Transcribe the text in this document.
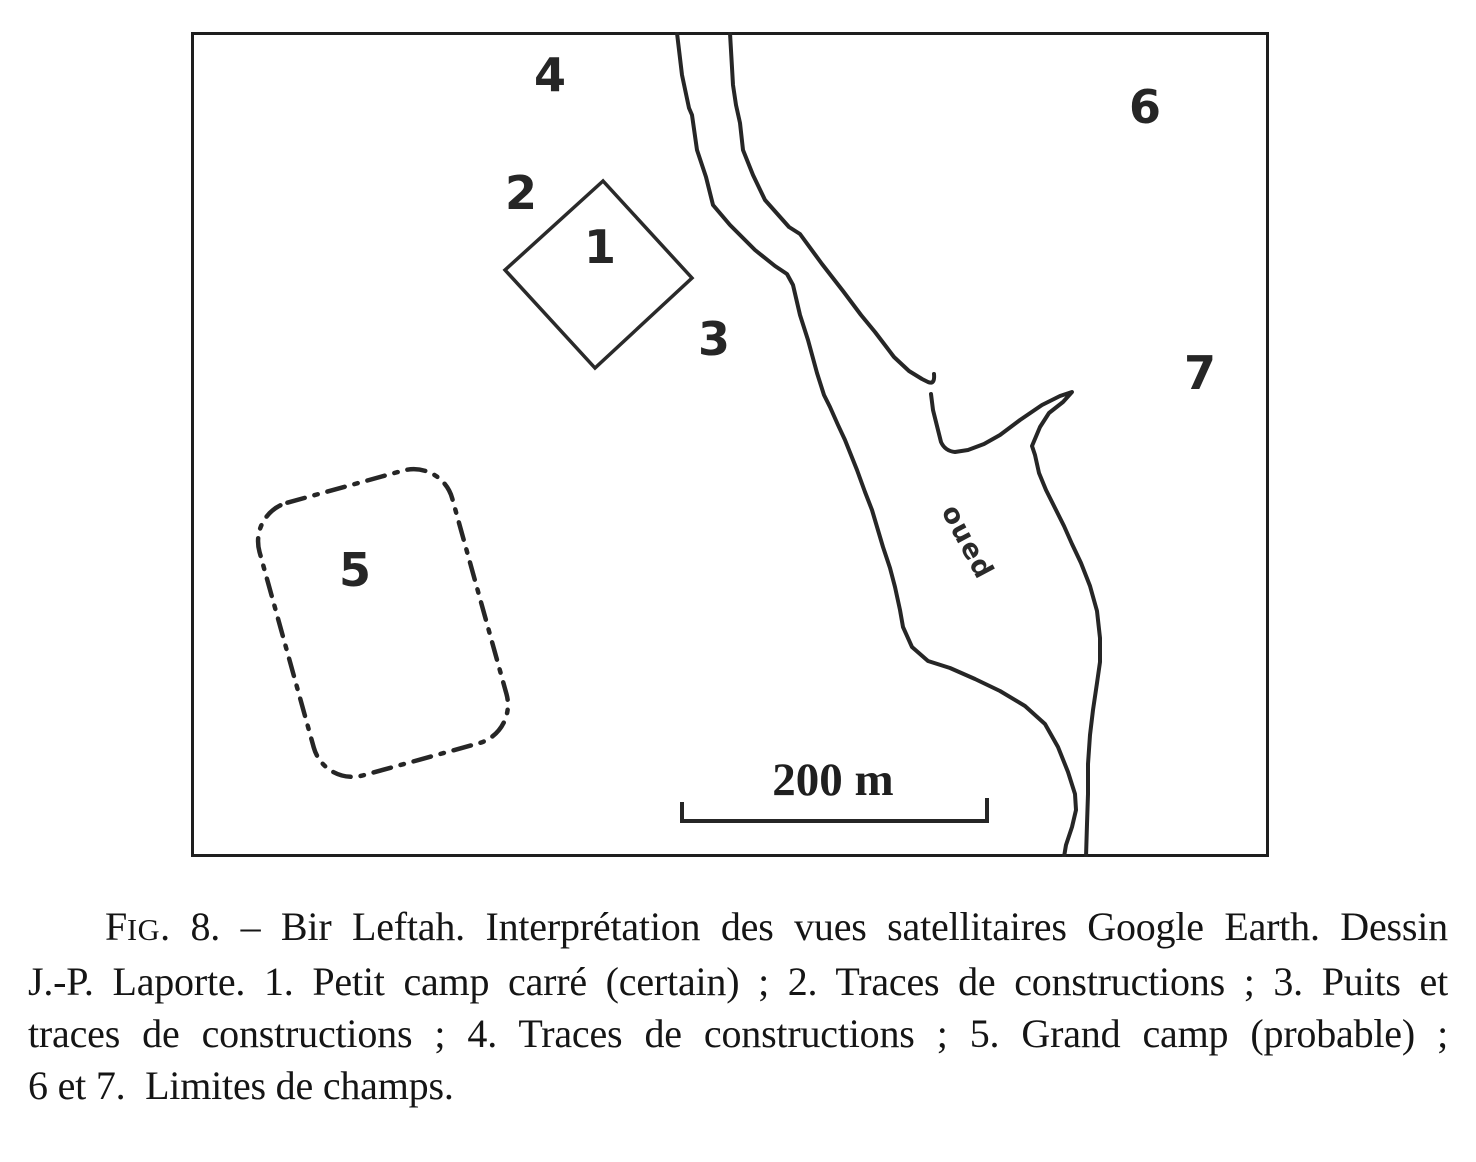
200 m
oued
1
2
3
4
5
6
7
FIG. 8. – Bir Leftah. Interprétation des vues satellitaires Google Earth. Dessin
J.-P. Laporte. 1. Petit camp carré (certain) ; 2. Traces de constructions ; 3. Puits et
traces de constructions ; 4. Traces de constructions ; 5. Grand camp (probable) ;
6 et 7.  Limites de champs.
